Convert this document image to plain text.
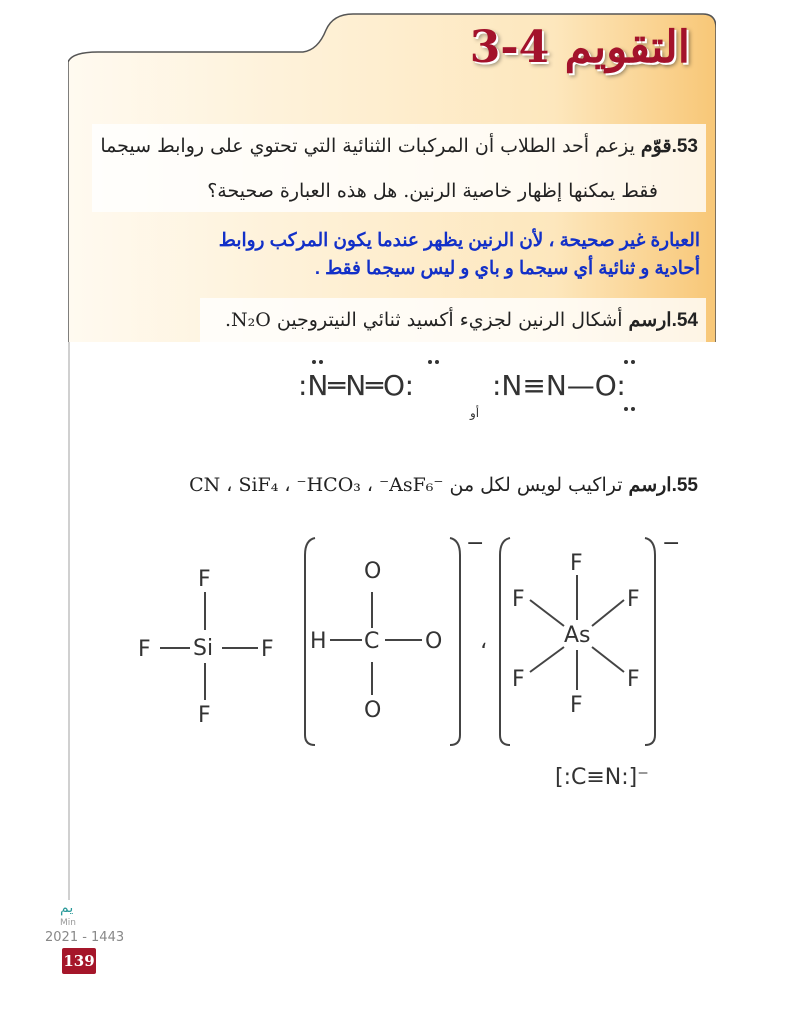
التقويم 4-3
53.قوّم يزعم أحد الطلاب أن المركبات الثنائية التي تحتوي على روابط سيجما
فقط يمكنها إظهار خاصية الرنين. هل هذه العبارة صحيحة؟
العبارة غير صحيحة ، لأن الرنين يظهر عندما يكون المركب روابط
أحادية و ثنائية أي سيجما و باي و ليس سيجما فقط .
54.ارسم أشكال الرنين لجزيء أكسيد ثنائي النيتروجين N₂O.
:N═N═O:
أو
:N≡N—O:
55.ارسم تراكيب لويس لكل من ⁻CN ، SiF₄ ، ⁻HCO₃ ، ⁻AsF₆
Si
F
F
F	F H C
O
O
O
−
،	As
F
F
F	F
F	F
−
[:C≡N:]⁻
يم
Min
2021 - 1443
139
